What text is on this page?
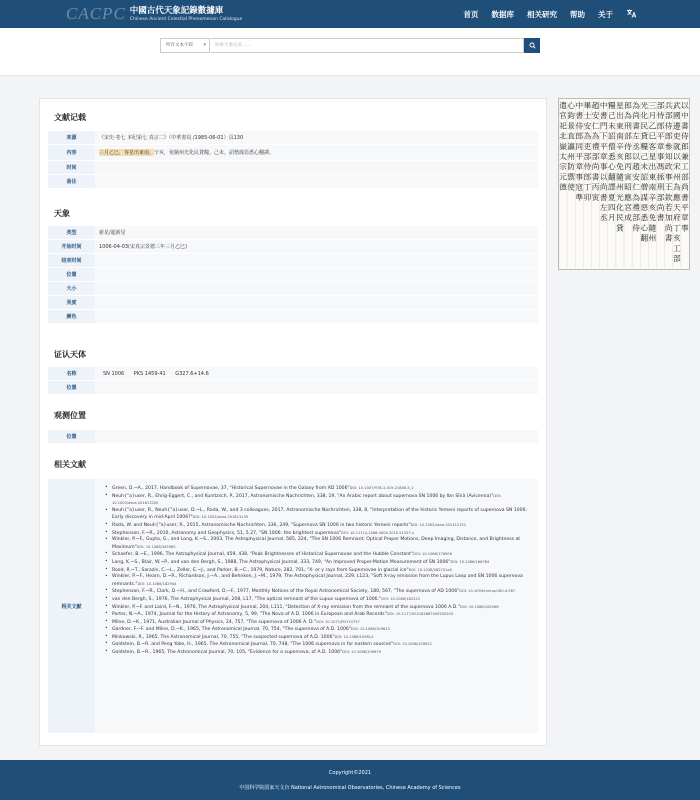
CACPC 中國古代天象記錄數據庫
Chinese Ancient Celestial Phenomenon Catalogue
首页 数据库 相关研究 帮助 关于
所有文本字段 ▾
检索天象记录……
文献记载
来源	《宋史·卷七 本纪第七 真宗二》（中華書局 /1985-06-01）页130
内容	三月乙巳，客星出東南。 辛亥，免隨州光化民貸糧。己未，詔僧謀惡悉心翻譯。
时间
备注
天象
类型	新星/超新星
开始时间	1006-04-03(宋真宗景德三年三月乙巳)
结束时间
位置
大小
亮度
颜色
证认天体
名称	SN 1006      PKS 1459-41      G327.6+14.6
位置
观测位置
位置
相关文献
相关文献
• Green, D.~A., 2017, Handbook of Supernovae, 37, "Historical Supernovae in the Galaxy from AD 1006"DOI: 10.1007/978-3-319-21846-5_2
• Neuh{"a}user, R., Ehrig-Eggert, C., and Kunitzsch, P., 2017, Astronomische Nachrichten, 338, 19, "An Arabic report about supernova SN 1006 by Ibn Sīnā (Avicenna)"DOI: 10.1002/asna.201613200
• Neuh{"a}user, R., Neuh{"a}user, D.~L., Rada, W., and 3 colleagues, 2017, Astronomische Nachrichten, 338, 8, "Interpretation of the historic Yemeni reports of supernova SN 1006: Early discovery in mid-April 1006?"DOI: 10.1002/asna.201613139
• Rada, W. and Neuh{"a}user, R., 2015, Astronomische Nachrichten, 336, 249, "Supernova SN 1006 in two historic Yemeni reports"DOI: 10.1002/asna.201412152
• Stephenson, F.~R., 2010, Astronomy and Geophysics, 51, 5.27, "SN 1006: the brightest supernova"DOI: 10.1111/j.1468-4004.2010.51527.x
• Winkler, P.~F., Gupta, G., and Long, K.~S., 2003, The Astrophysical Journal, 585, 324, "The SN 1006 Remnant: Optical Proper Motions, Deep Imaging, Distance, and Brightness at Maximum"DOI: 10.1086/345985
• Schaefer, B.~E., 1996, The Astrophysical Journal, 459, 438, "Peak Brightnesses of Historical Supernovae and the Hubble Constant"DOI: 10.1086/176906
• Long, K.~S., Blair, W.~P., and van den Bergh, S., 1988, The Astrophysical Journal, 333, 749, "An Improved Proper-Motion Measurement of SN 1006"DOI: 10.1086/166784
• Rood, R.~T., Sarazin, C.~L., Zeller, E.~J., and Parker, B.~C., 1979, Nature, 282, 701, "X- or γ rays from Supernovae in glacial ice"DOI: 10.1038/282701a0
• Winkler, P.~F., Hearn, D.~R., Richardson, J.~A., and Behnken, J.~M., 1979, The Astrophysical Journal, 229, L123, "Soft X-ray emission from the Lupus Loop and SN 1006 supernova remnants."DOI: 10.1086/182944
• Stephenson, F.~R., Clark, D.~H., and Crawford, D.~F., 1977, Monthly Notices of the Royal Astronomical Society, 180, 567, "The supernova of AD 1006"DOI: 10.1093/mnras/180.4.567
• van den Bergh, S., 1976, The Astrophysical Journal, 208, L17, "The optical remnant of the Lupus supernova of 1006."DOI: 10.1086/182222
• Winkler, P.~F. and Laird, F.~N., 1976, The Astrophysical Journal, 204, L111, "Detection of X-ray emission from the remnant of the supernova 1006 A.D."DOI: 10.1086/182066
• Porter, N.~A., 1974, Journal for the History of Astronomy, 5, 99, "The Nova of A.D. 1006 in European and Arab Records"DOI: 10.1177/002182867400500203
• Milne, D.~K., 1971, Australian Journal of Physics, 24, 757, "The supernova of 1006 A. D."DOI: 10.1071/PH710757
• Gardner, F.~F. and Milne, D.~K., 1965, The Astronomical Journal, 70, 754, "The supernova of A.D. 1006"DOI: 10.1086/109813
• Minkowski, R., 1965, The Astronomical Journal, 70, 755, "The suspected supernova of A.D. 1006"DOI: 10.1086/109814
• Goldstein, B.~R. and Peng Yoke, H., 1965, The Astronomical Journal, 70, 748, "The 1006 supernova in far eastern sources"DOI: 10.1086/109812
• Goldstein, B.~R., 1965, The Astronomical Journal, 70, 105, "Evidence for a supernova, of A.D. 1006"DOI: 10.1086/109679
以中書侍郎兼工部尚書平章事
武國邊吏就以宋州為應天府丁亥工部
兵部侍郎參知政事王欽若加尚書
部侍郎平章事馮拯刑部尚書
三月乙巳客星出東南辛亥免隨州
光化民貸糧己未詔僧謀惡悉心翻
為尚書左丞以趙安仁為禮部侍
郎為刑部侍郎丙寅昭應宮成
星出東南辛亥免隨州光化民貸
糧己未詔僧悉心翻譯夏四月
中書門下平章事以尚書左丞
趙安仁為禮部尚書丙寅
畢士安為吏部侍郎丁卯
中書侍郎同平章事寇準
心鈞景直瀛州防禦使
遣官祀北嶽太宗元德
Copyright©2021
中国科学院国家天文台 National Astronomical Observatories, Chinese Academy of Sciences
